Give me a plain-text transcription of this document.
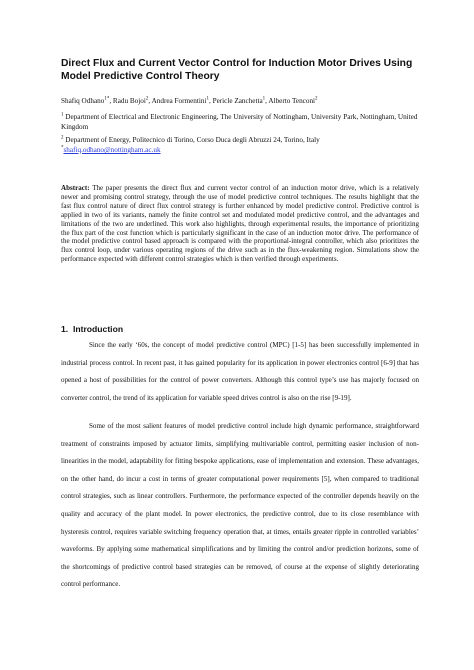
Direct Flux and Current Vector Control for Induction Motor Drives Using Model Predictive Control Theory
Shafiq Odhano$^{1*}$, Radu Bojoi$^2$, Andrea Formentini$^1$, Pericle Zanchetta$^1$, Alberto Tenconi$^2$
$^1$ Department of Electrical and Electronic Engineering, The University of Nottingham, University Park, Nottingham, United Kingdom
$^2$ Department of Energy, Politecnico di Torino, Corso Duca degli Abruzzi 24, Torino, Italy
*shafiq.odhano@nottingham.ac.uk
Abstract: The paper presents the direct flux and current vector control of an induction motor drive, which is a relatively newer and promising control strategy, through the use of model predictive control techniques. The results highlight that the fast flux control nature of direct flux control strategy is further enhanced by model predictive control. Predictive control is applied in two of its variants, namely the finite control set and modulated model predictive control, and the advantages and limitations of the two are underlined. This work also highlights, through experimental results, the importance of prioritizing the flux part of the cost function which is particularly significant in the case of an induction motor drive. The performance of the model predictive control based approach is compared with the proportional-integral controller, which also prioritizes the flux control loop, under various operating regions of the drive such as in the flux-weakening region. Simulations show the performance expected with different control strategies which is then verified through experiments.
1. Introduction
Since the early ‘60s, the concept of model predictive control (MPC) [1-5] has been successfully implemented in industrial process control. In recent past, it has gained popularity for its application in power electronics control [6-9] that has opened a host of possibilities for the control of power converters. Although this control type’s use has majorly focused on converter control, the trend of its application for variable speed drives control is also on the rise [9-19].
Some of the most salient features of model predictive control include high dynamic performance, straightforward treatment of constraints imposed by actuator limits, simplifying multivariable control, permitting easier inclusion of non-linearities in the model, adaptability for fitting bespoke applications, ease of implementation and extension. These advantages, on the other hand, do incur a cost in terms of greater computational power requirements [5], when compared to traditional control strategies, such as linear controllers. Furthermore, the performance expected of the controller depends heavily on the quality and accuracy of the plant model. In power electronics, the predictive control, due to its close resemblance with hysteresis control, requires variable switching frequency operation that, at times, entails greater ripple in controlled variables’ waveforms. By applying some mathematical simplifications and by limiting the control and/or prediction horizons, some of the shortcomings of predictive control based strategies can be removed, of course at the expense of slightly deteriorating control performance.
